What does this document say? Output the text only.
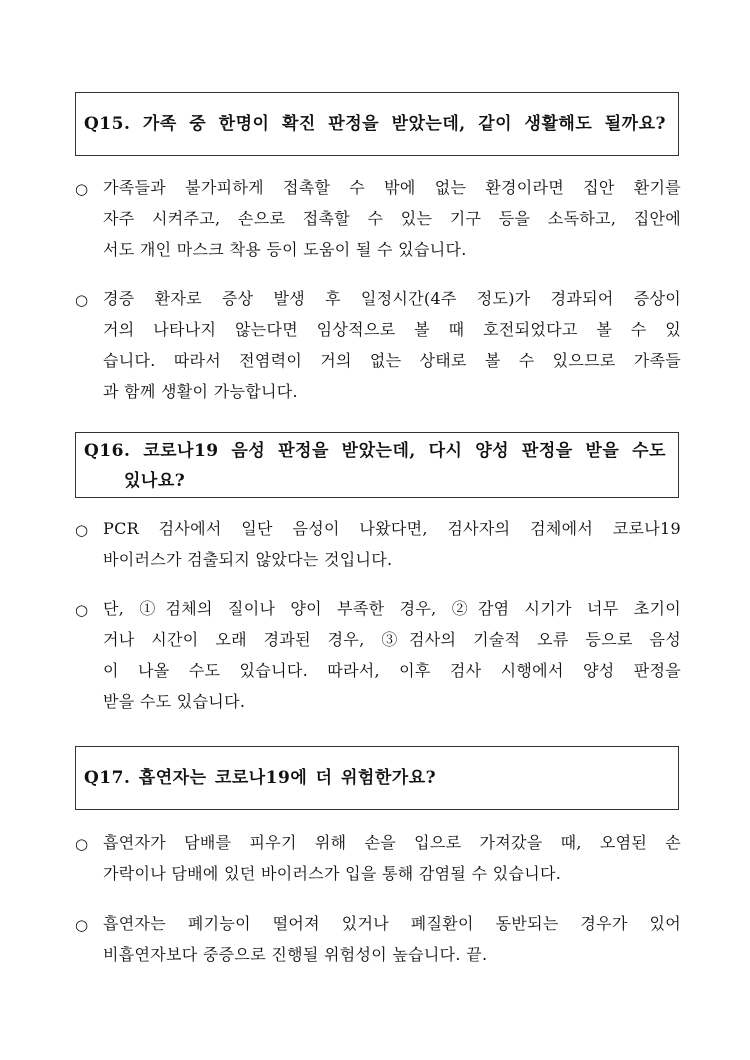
Q15. 가족 중 한명이 확진 판정을 받았는데, 같이 생활해도 될까요?
○ 가족들과 불가피하게 접촉할 수 밖에 없는 환경이라면 집안 환기를
자주 시켜주고, 손으로 접촉할 수 있는 기구 등을 소독하고, 집안에
서도 개인 마스크 착용 등이 도움이 될 수 있습니다.
○ 경증 환자로 증상 발생 후 일정시간(4주 정도)가 경과되어 증상이
거의 나타나지 않는다면 임상적으로 볼 때 호전되었다고 볼 수 있
습니다. 따라서 전염력이 거의 없는 상태로 볼 수 있으므로 가족들
과 함께 생활이 가능합니다.
Q16. 코로나19 음성 판정을 받았는데, 다시 양성 판정을 받을 수도
있나요?
○ PCR 검사에서 일단 음성이 나왔다면, 검사자의 검체에서 코로나19
바이러스가 검출되지 않았다는 것입니다.
○ 단, ①검체의 질이나 양이 부족한 경우, ②감염 시기가 너무 초기이
거나 시간이 오래 경과된 경우, ③검사의 기술적 오류 등으로 음성
이 나올 수도 있습니다. 따라서, 이후 검사 시행에서 양성 판정을
받을 수도 있습니다.
Q17. 흡연자는 코로나19에 더 위험한가요?
○ 흡연자가 담배를 피우기 위해 손을 입으로 가져갔을 때, 오염된 손
가락이나 담배에 있던 바이러스가 입을 통해 감염될 수 있습니다.
○ 흡연자는 폐기능이 떨어져 있거나 폐질환이 동반되는 경우가 있어
비흡연자보다 중증으로 진행될 위험성이 높습니다. 끝.
